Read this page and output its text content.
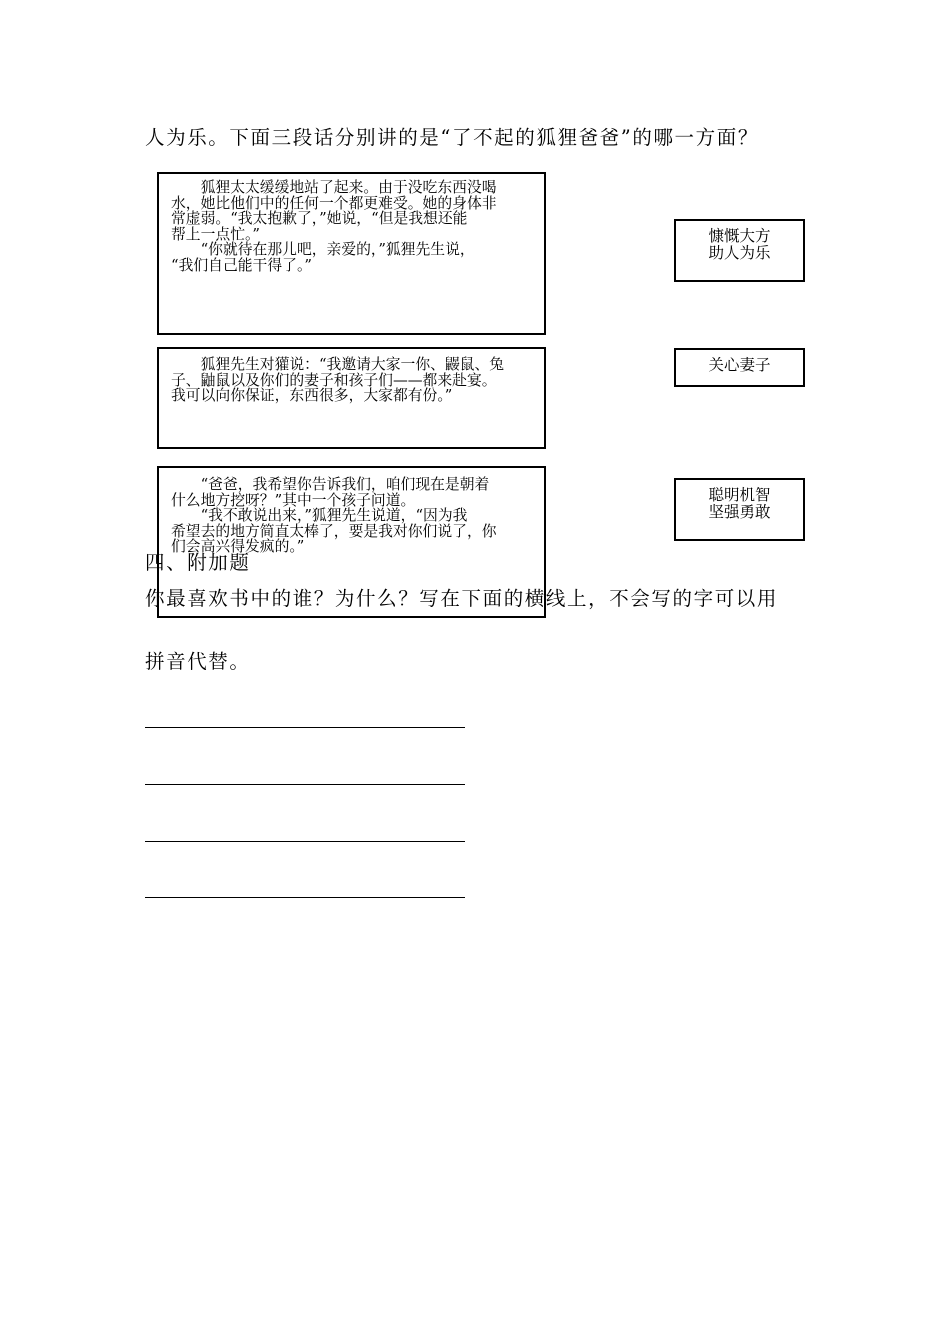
人为乐。下面三段话分别讲的是“了不起的狐狸爸爸”的哪一方面？
　　狐狸太太缓缓地站了起来。由于没吃东西没喝
水，她比他们中的任何一个都更难受。她的身体非
常虚弱。“我太抱歉了，”她说，“但是我想还能
帮上一点忙。”
　　“你就待在那儿吧，亲爱的，”狐狸先生说，
“我们自己能干得了。”
　　狐狸先生对獾说：“我邀请大家一你、鼹鼠、兔
子、鼬鼠以及你们的妻子和孩子们——都来赴宴。
我可以向你保证，东西很多，大家都有份。”
　　“爸爸，我希望你告诉我们，咱们现在是朝着
什么地方挖呀？”其中一个孩子问道。
　　“我不敢说出来，”狐狸先生说道，“因为我
希望去的地方简直太棒了，要是我对你们说了，你
们会高兴得发疯的。”
慷慨大方
助人为乐
关心妻子
聪明机智
坚强勇敢
四、附加题
你最喜欢书中的谁？为什么？写在下面的横线上，不会写的字可以用
拼音代替。
